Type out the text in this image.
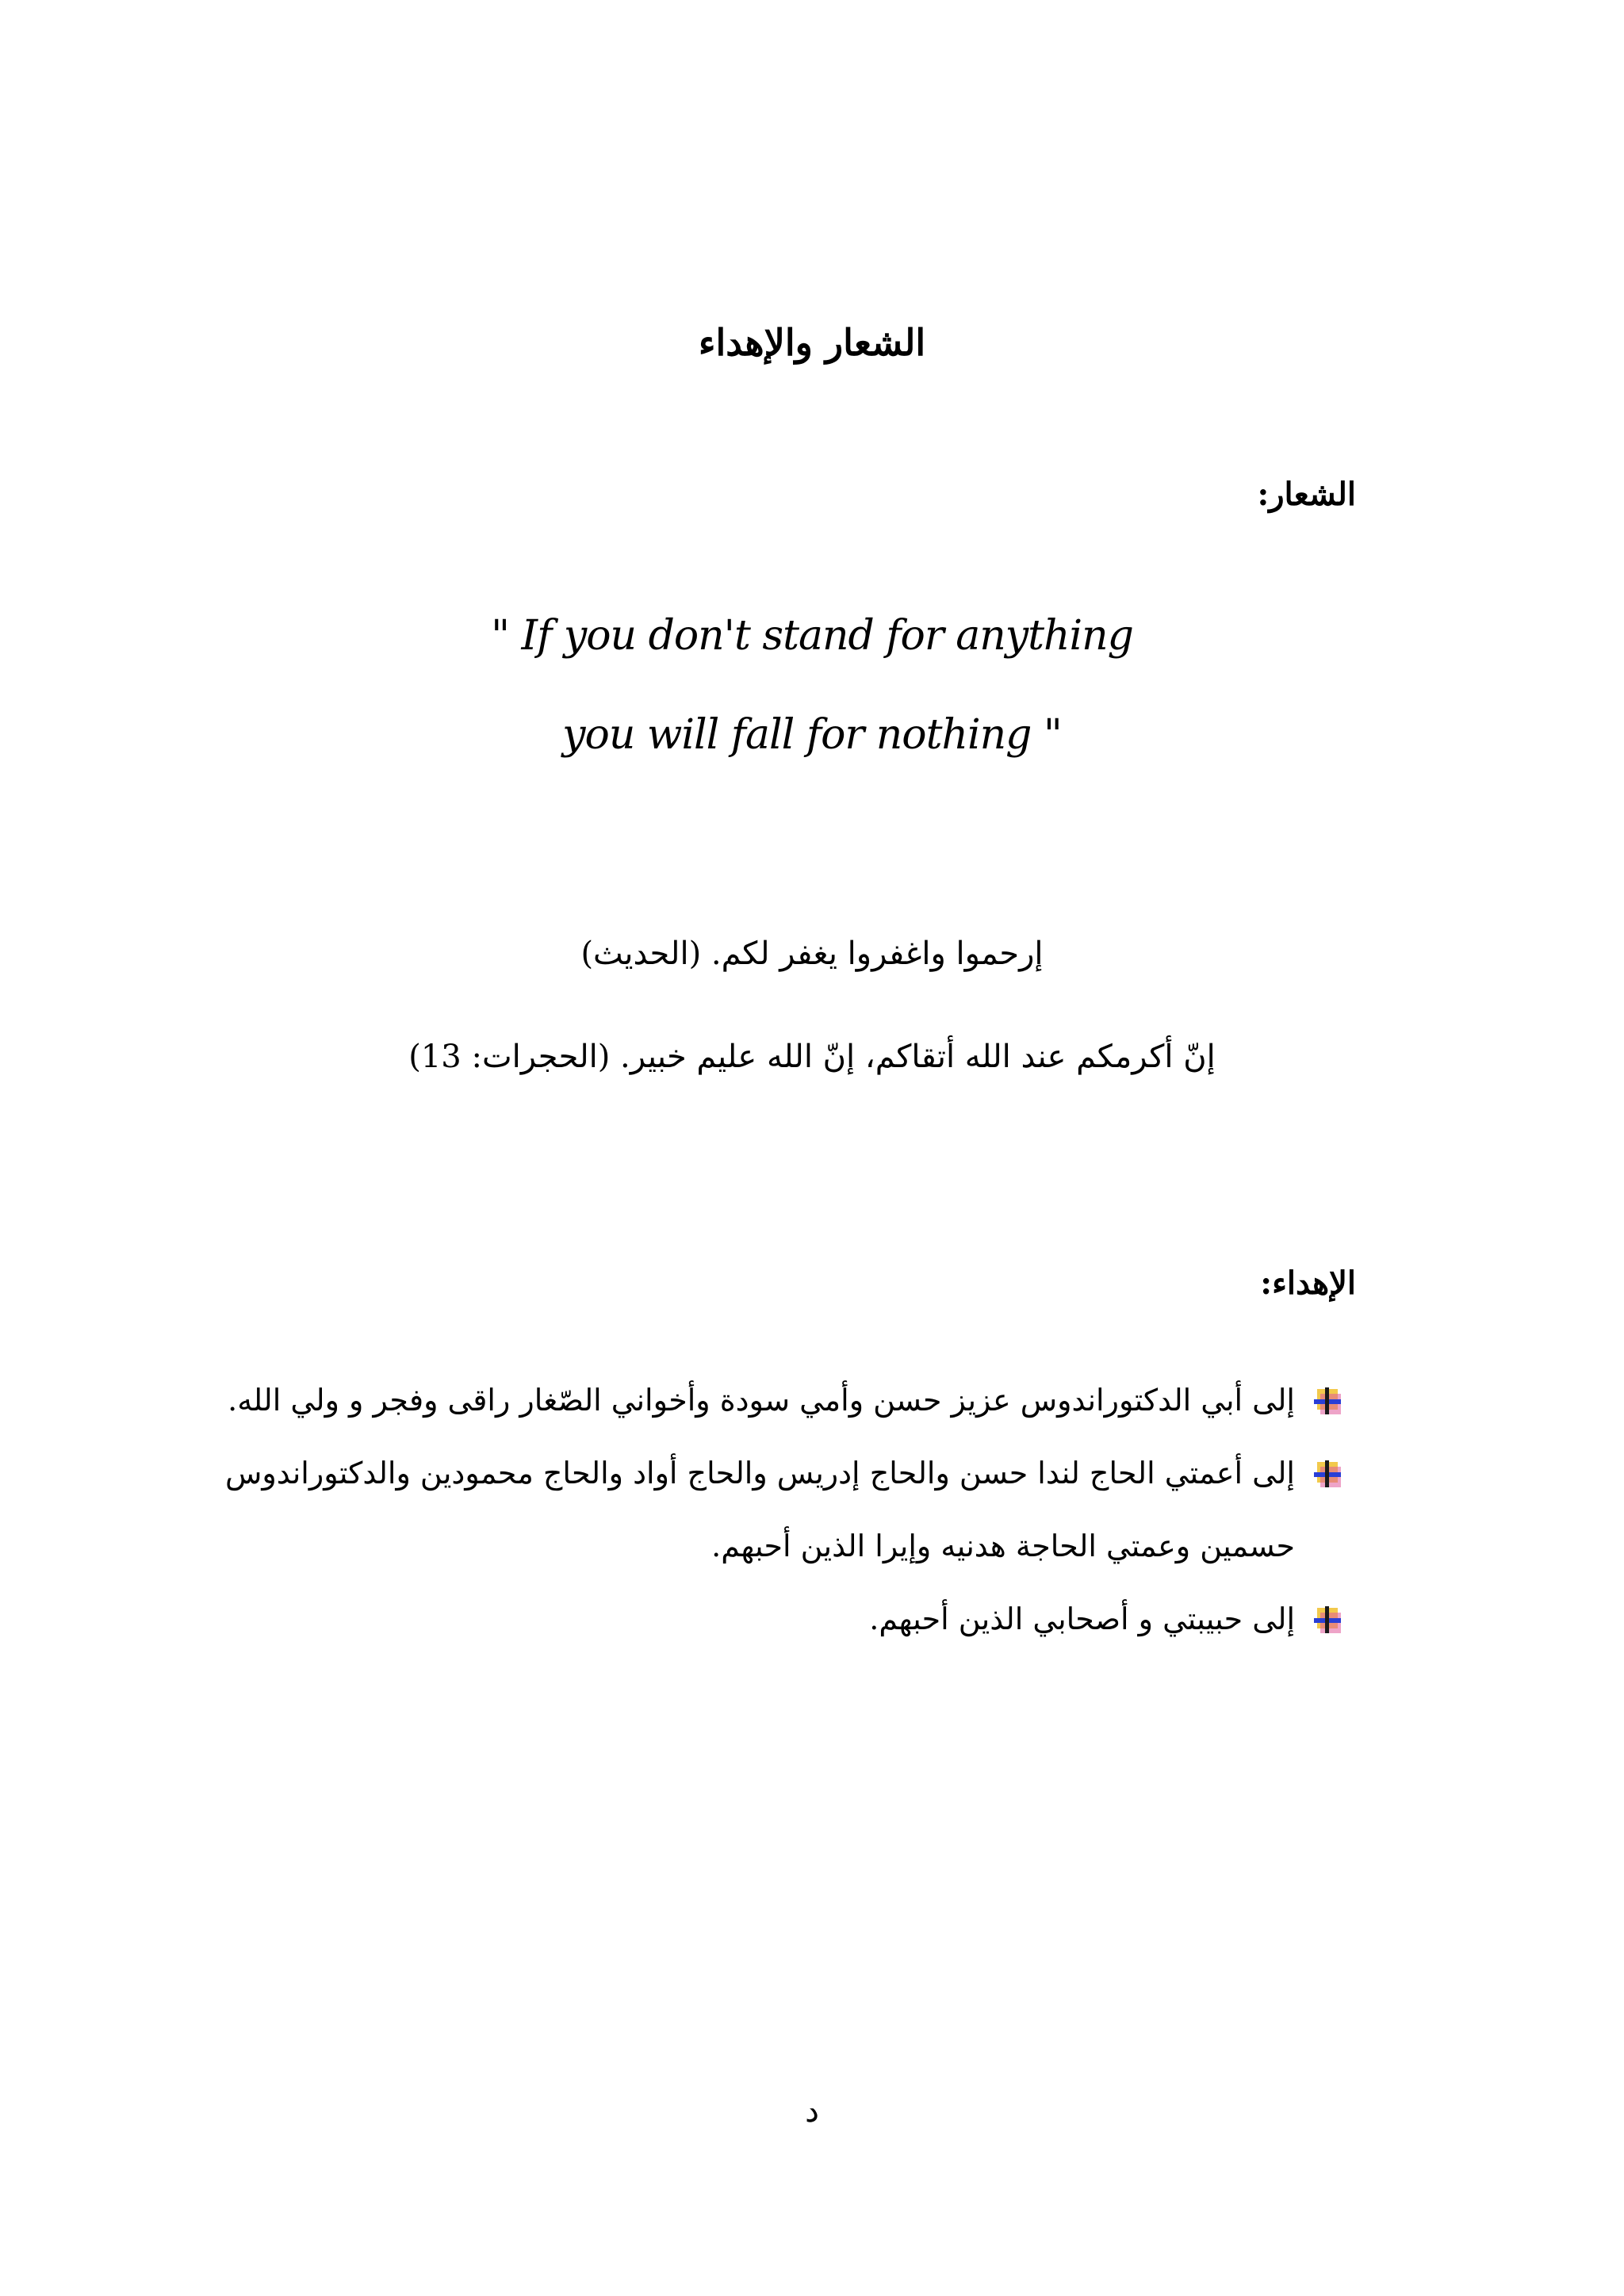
الشعار والإهداء
الشعار:
" If you don't stand for anything
you will fall for nothing "
إرحموا واغفروا يغفر لكم. (الحديث)
إنّ أكرمكم عند الله أتقاكم، إنّ الله عليم خبير. (الحجرات: 13)
الإهداء:
إلى أبي الدكتوراندوس عزيز حسن وأمي سودة وأخواني الصّغار راقى وفجر و ولي الله.
إلى أعمتي الحاج لندا حسن والحاج إدريس والحاج أواد والحاج محمودين والدكتوراندوس حسمين وعمتي الحاجة هدنيه وإيرا الذين أحبهم.
إلى حبيبتي و أصحابي الذين أحبهم.
د
